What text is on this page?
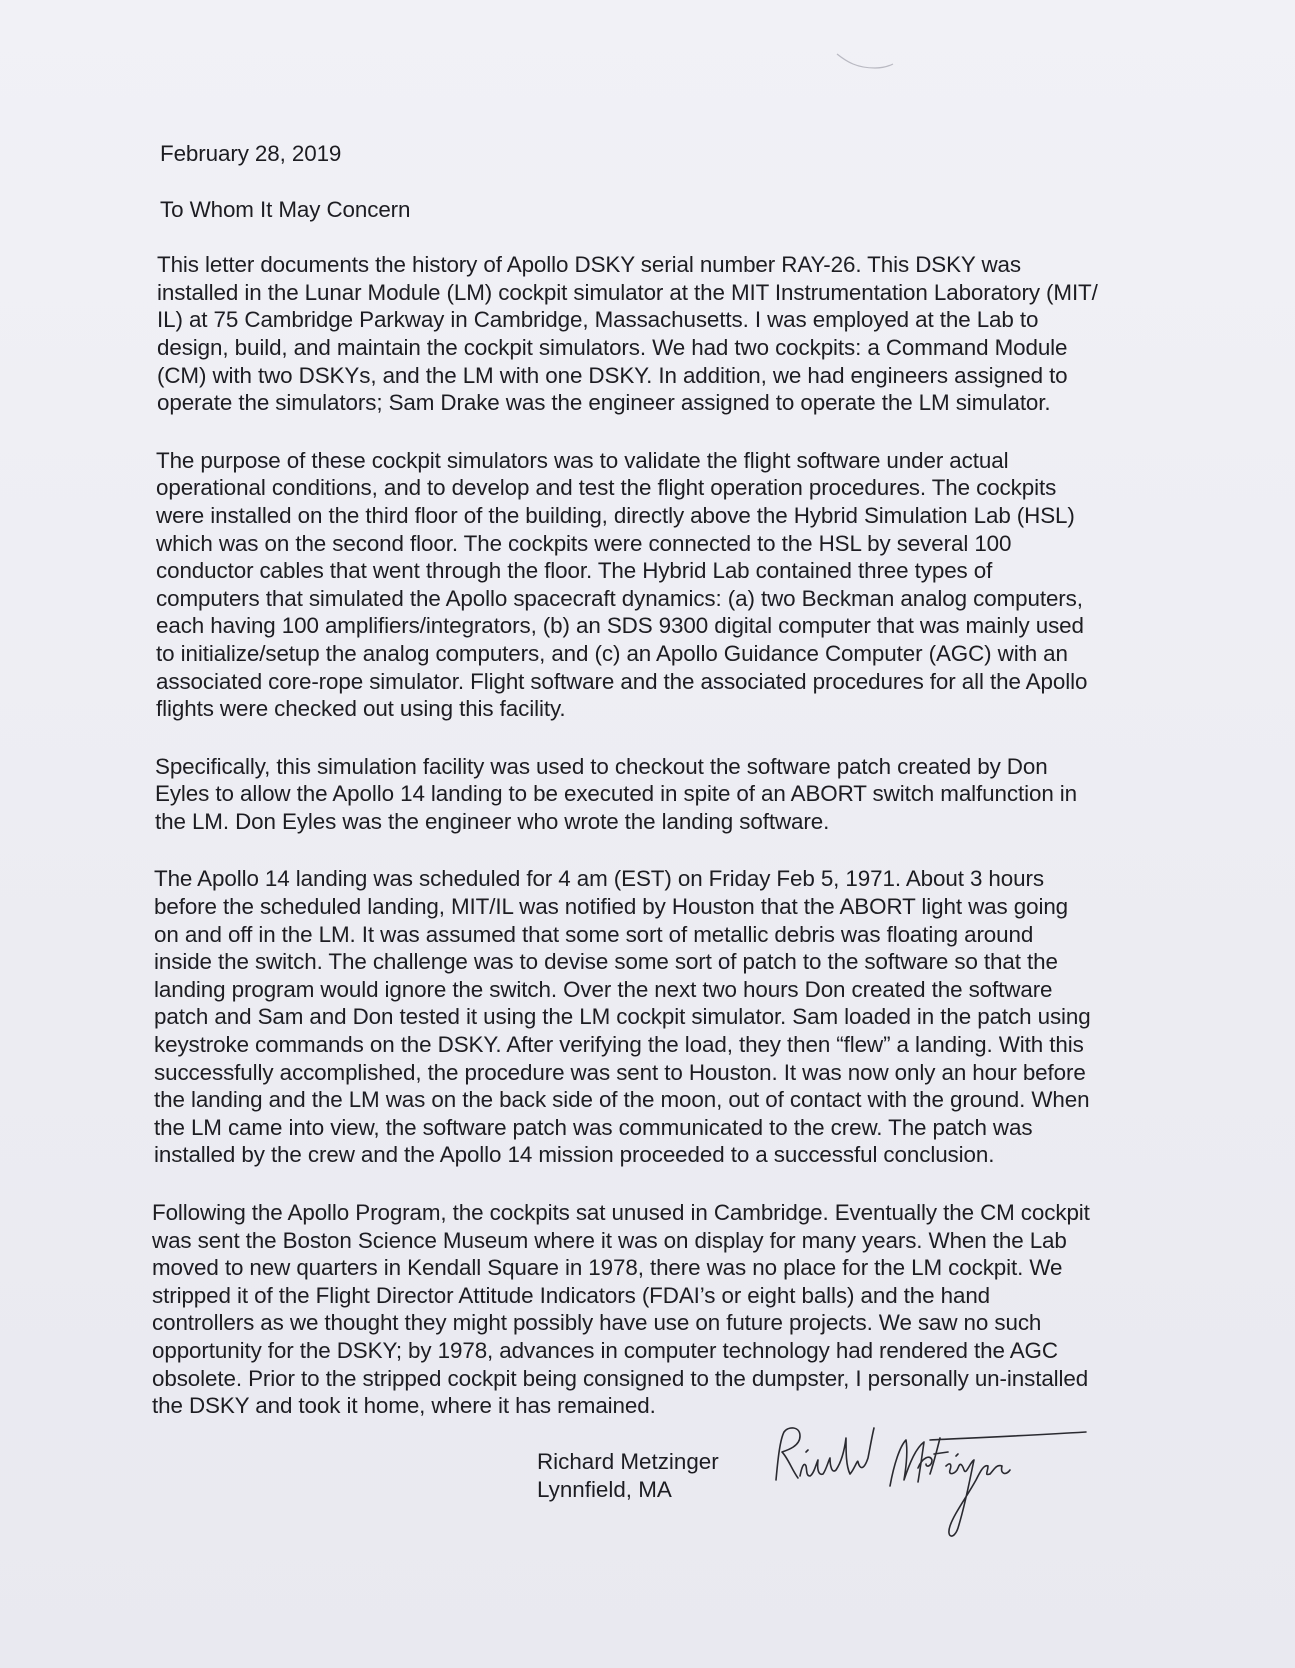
February 28, 2019
To Whom It May Concern

This letter documents the history of Apollo DSKY serial number RAY-26. This DSKY was

installed in the Lunar Module (LM) cockpit simulator at the MIT Instrumentation Laboratory (MIT/

IL) at 75 Cambridge Parkway in Cambridge, Massachusetts. I was employed at the Lab to

design, build, and maintain the cockpit simulators. We had two cockpits: a Command Module

(CM) with two DSKYs, and the LM with one DSKY. In addition, we had engineers assigned to

operate the simulators; Sam Drake was the engineer assigned to operate the LM simulator.

The purpose of these cockpit simulators was to validate the flight software under actual

operational conditions, and to develop and test the flight operation procedures. The cockpits

were installed on the third floor of the building, directly above the Hybrid Simulation Lab (HSL)

which was on the second floor. The cockpits were connected to the HSL by several 100

conductor cables that went through the floor. The Hybrid Lab contained three types of

computers that simulated the Apollo spacecraft dynamics: (a) two Beckman analog computers,

each having 100 amplifiers/integrators, (b) an SDS 9300 digital computer that was mainly used

to initialize/setup the analog computers, and (c) an Apollo Guidance Computer (AGC) with an

associated core-rope simulator. Flight software and the associated procedures for all the Apollo

flights were checked out using this facility.

Specifically, this simulation facility was used to checkout the software patch created by Don

Eyles to allow the Apollo 14 landing to be executed in spite of an ABORT switch malfunction in

the LM. Don Eyles was the engineer who wrote the landing software.

The Apollo 14 landing was scheduled for 4 am (EST) on Friday Feb 5, 1971. About 3 hours

before the scheduled landing, MIT/IL was notified by Houston that the ABORT light was going

on and off in the LM. It was assumed that some sort of metallic debris was floating around

inside the switch. The challenge was to devise some sort of patch to the software so that the

landing program would ignore the switch. Over the next two hours Don created the software

patch and Sam and Don tested it using the LM cockpit simulator. Sam loaded in the patch using

keystroke commands on the DSKY. After verifying the load, they then “flew” a landing. With this

successfully accomplished, the procedure was sent to Houston. It was now only an hour before

the landing and the LM was on the back side of the moon, out of contact with the ground. When

the LM came into view, the software patch was communicated to the crew. The patch was

installed by the crew and the Apollo 14 mission proceeded to a successful conclusion.

Following the Apollo Program, the cockpits sat unused in Cambridge. Eventually the CM cockpit

was sent the Boston Science Museum where it was on display for many years. When the Lab

moved to new quarters in Kendall Square in 1978, there was no place for the LM cockpit. We

stripped it of the Flight Director Attitude Indicators (FDAI’s or eight balls) and the hand

controllers as we thought they might possibly have use on future projects. We saw no such

opportunity for the DSKY; by 1978, advances in computer technology had rendered the AGC

obsolete. Prior to the stripped cockpit being consigned to the dumpster, I personally un-installed

the DSKY and took it home, where it has remained.

Richard Metzinger

Lynnfield, MA
